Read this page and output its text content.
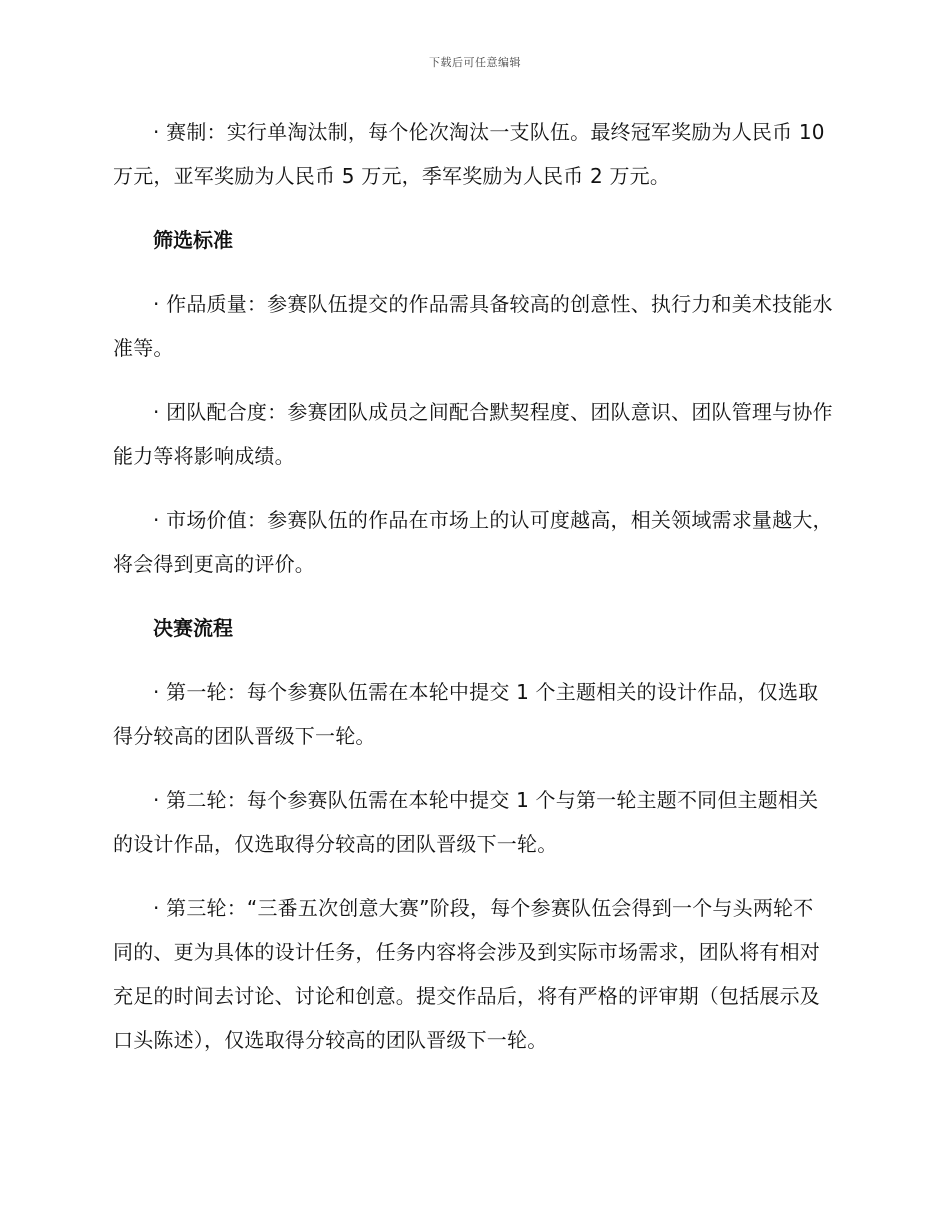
下载后可任意编辑

· 赛制：实行单淘汰制，每个伦次淘汰一支队伍。最终冠军奖励为人民币 10 万元，亚军奖励为人民币 5 万元，季军奖励为人民币 2 万元。

筛选标准

· 作品质量：参赛队伍提交的作品需具备较高的创意性、执行力和美术技能水准等。

· 团队配合度：参赛团队成员之间配合默契程度、团队意识、团队管理与协作能力等将影响成绩。

· 市场价值：参赛队伍的作品在市场上的认可度越高，相关领域需求量越大，将会得到更高的评价。

决赛流程

· 第一轮：每个参赛队伍需在本轮中提交 1 个主题相关的设计作品，仅选取得分较高的团队晋级下一轮。

· 第二轮：每个参赛队伍需在本轮中提交 1 个与第一轮主题不同但主题相关的设计作品，仅选取得分较高的团队晋级下一轮。

· 第三轮：“三番五次创意大赛”阶段，每个参赛队伍会得到一个与头两轮不同的、更为具体的设计任务，任务内容将会涉及到实际市场需求，团队将有相对充足的时间去讨论、讨论和创意。提交作品后，将有严格的评审期（包括展示及口头陈述），仅选取得分较高的团队晋级下一轮。
